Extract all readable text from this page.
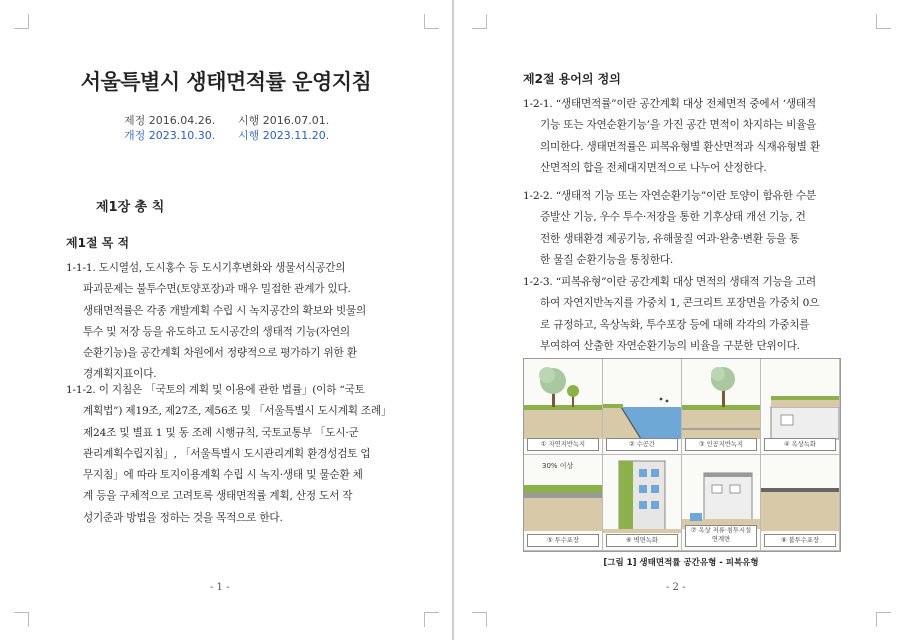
서울특별시 생태면적률 운영지침
제정 2016.04.26. 시행 2016.07.01.
개정 2023.10.30. 시행 2023.11.20.
제1장 총 칙
제1절 목 적
1-1-1. 도시열섬, 도시홍수 등 도시기후변화와 생물서식공간의
파괴문제는 불투수면(토양포장)과 매우 밀접한 관계가 있다.
생태면적률은 각종 개발계획 수립 시 녹지공간의 확보와 빗물의
투수 및 저장 등을 유도하고 도시공간의 생태적 기능(자연의
순환기능)을 공간계획 차원에서 정량적으로 평가하기 위한 환
경계획지표이다.
1-1-2. 이 지침은 「국토의 계획 및 이용에 관한 법률」(이하 “국토
계획법”) 제19조, 제27조, 제56조 및 「서울특별시 도시계획 조례」
제24조 및 별표 1 및 동 조례 시행규칙, 국토교통부 「도시·군
관리계획수립지침」, 「서울특별시 도시관리계획 환경성검토 업
무지침」에 따라 토지이용계획 수립 시 녹지·생태 및 물순환 체
계 등을 구체적으로 고려토록 생태면적률 계획, 산정 도서 작
성기준과 방법을 정하는 것을 목적으로 한다.
- 1 -
제2절 용어의 정의
1-2-1. “생태면적률”이란 공간계획 대상 전체면적 중에서 ‘생태적
기능 또는 자연순환기능’을 가진 공간 면적이 차지하는 비율을
의미한다. 생태면적률은 피복유형별 환산면적과 식재유형별 환
산면적의 합을 전체대지면적으로 나누어 산정한다.
1-2-2. “생태적 기능 또는 자연순환기능”이란 토양이 함유한 수분
증발산 기능, 우수 투수·저장을 통한 기후상태 개선 기능, 건
전한 생태환경 제공기능, 유해물질 여과·완충·변환 등을 통
한 물질 순환기능을 통칭한다.
1-2-3. “피복유형”이란 공간계획 대상 면적의 생태적 기능을 고려
하여 자연지반녹지를 가중치 1, 콘크리트 포장면을 가중치 0으
로 규정하고, 옥상녹화, 투수포장 등에 대해 각각의 가중치를
부여하여 산출한 자연순환기능의 비율을 구분한 단위이다.
① 자연지반녹지	② 수공간	③ 인공지반녹지	④ 옥상녹화
30% 이상
⑤ 투수포장	⑥ 벽면녹화
⑦ 옥상 저류·침투시설
연계면	⑧ 불투수포장
[그림 1] 생태면적률 공간유형 - 피복유형
- 2 -
